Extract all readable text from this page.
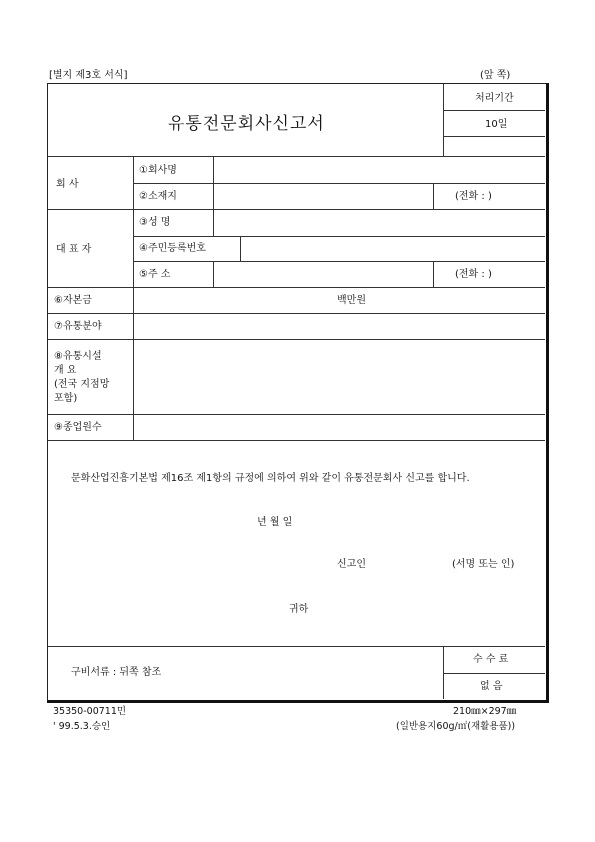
[별지 제3호 서식]	(앞 쪽)
유통전문회사신고서
처리기간
10일
회 사
①회사명
②소재지	(전화 : )
대 표 자
③성 명
④주민등록번호
⑤주 소	(전화 : )
⑥자본금	백만원
⑦유통분야
⑧유통시설
개 요
(전국 지점망
포함)
⑨종업원수
문화산업진흥기본법 제16조 제1항의 규정에 의하여 위와 같이 유통전문회사 신고를 합니다.
년 월 일
신고인	(서명 또는 인)
귀하
구비서류 : 뒤쪽 참조
수 수 료
없 음
35350-00711민
' 99.5.3.승인
210㎜×297㎜
(일반용지60g/㎡(재활용품))
